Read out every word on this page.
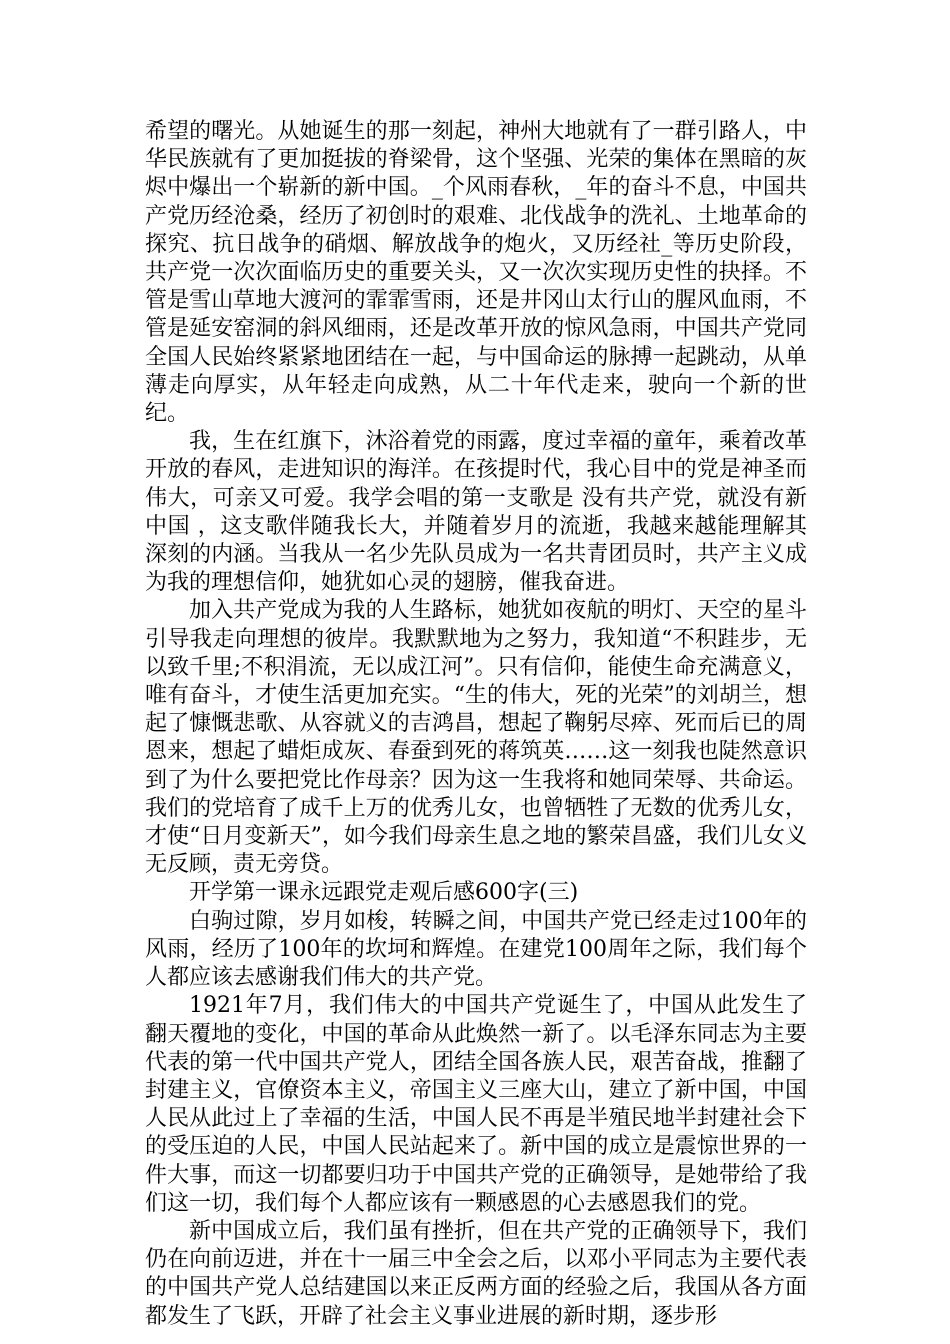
希望的曙光。从她诞生的那一刻起，神州大地就有了一群引路人，中华民族就有了更加挺拔的脊梁骨，这个坚强、光荣的集体在黑暗的灰烬中爆出一个崭新的新中国。_个风雨春秋，_年的奋斗不息，中国共产党历经沧桑，经历了初创时的艰难、北伐战争的洗礼、土地革命的探究、抗日战争的硝烟、解放战争的炮火，又历经社_等历史阶段，共产党一次次面临历史的重要关头，又一次次实现历史性的抉择。不管是雪山草地大渡河的霏霏雪雨，还是井冈山太行山的腥风血雨，不管是延安窑洞的斜风细雨，还是改革开放的惊风急雨，中国共产党同全国人民始终紧紧地团结在一起，与中国命运的脉搏一起跳动，从单薄走向厚实，从年轻走向成熟，从二十年代走来，驶向一个新的世纪。

我，生在红旗下，沐浴着党的雨露，度过幸福的童年，乘着改革开放的春风，走进知识的海洋。在孩提时代，我心目中的党是神圣而伟大，可亲又可爱。我学会唱的第一支歌是 没有共产党，就没有新中国 ，这支歌伴随我长大，并随着岁月的流逝，我越来越能理解其深刻的内涵。当我从一名少先队员成为一名共青团员时，共产主义成为我的理想信仰，她犹如心灵的翅膀，催我奋进。

加入共产党成为我的人生路标，她犹如夜航的明灯、天空的星斗引导我走向理想的彼岸。我默默地为之努力，我知道“不积跬步，无以致千里;不积涓流，无以成江河”。只有信仰，能使生命充满意义，唯有奋斗，才使生活更加充实。“生的伟大，死的光荣”的刘胡兰，想起了慷慨悲歌、从容就义的吉鸿昌，想起了鞠躬尽瘁、死而后已的周恩来，想起了蜡炬成灰、春蚕到死的蒋筑英……这一刻我也陡然意识到了为什么要把党比作母亲？因为这一生我将和她同荣辱、共命运。我们的党培育了成千上万的优秀儿女，也曾牺牲了无数的优秀儿女，才使“日月变新天”，如今我们母亲生息之地的繁荣昌盛，我们儿女义无反顾，责无旁贷。

开学第一课永远跟党走观后感600字(三)

白驹过隙，岁月如梭，转瞬之间，中国共产党已经走过100年的风雨，经历了100年的坎坷和辉煌。在建党100周年之际，我们每个人都应该去感谢我们伟大的共产党。

1921年7月，我们伟大的中国共产党诞生了，中国从此发生了翻天覆地的变化，中国的革命从此焕然一新了。以毛泽东同志为主要代表的第一代中国共产党人，团结全国各族人民，艰苦奋战，推翻了封建主义，官僚资本主义，帝国主义三座大山，建立了新中国，中国人民从此过上了幸福的生活，中国人民不再是半殖民地半封建社会下的受压迫的人民，中国人民站起来了。新中国的成立是震惊世界的一件大事，而这一切都要归功于中国共产党的正确领导，是她带给了我们这一切，我们每个人都应该有一颗感恩的心去感恩我们的党。

新中国成立后，我们虽有挫折，但在共产党的正确领导下，我们仍在向前迈进，并在十一届三中全会之后，以邓小平同志为主要代表的中国共产党人总结建国以来正反两方面的经验之后，我国从各方面都发生了飞跃，开辟了社会主义事业进展的新时期，逐步形
